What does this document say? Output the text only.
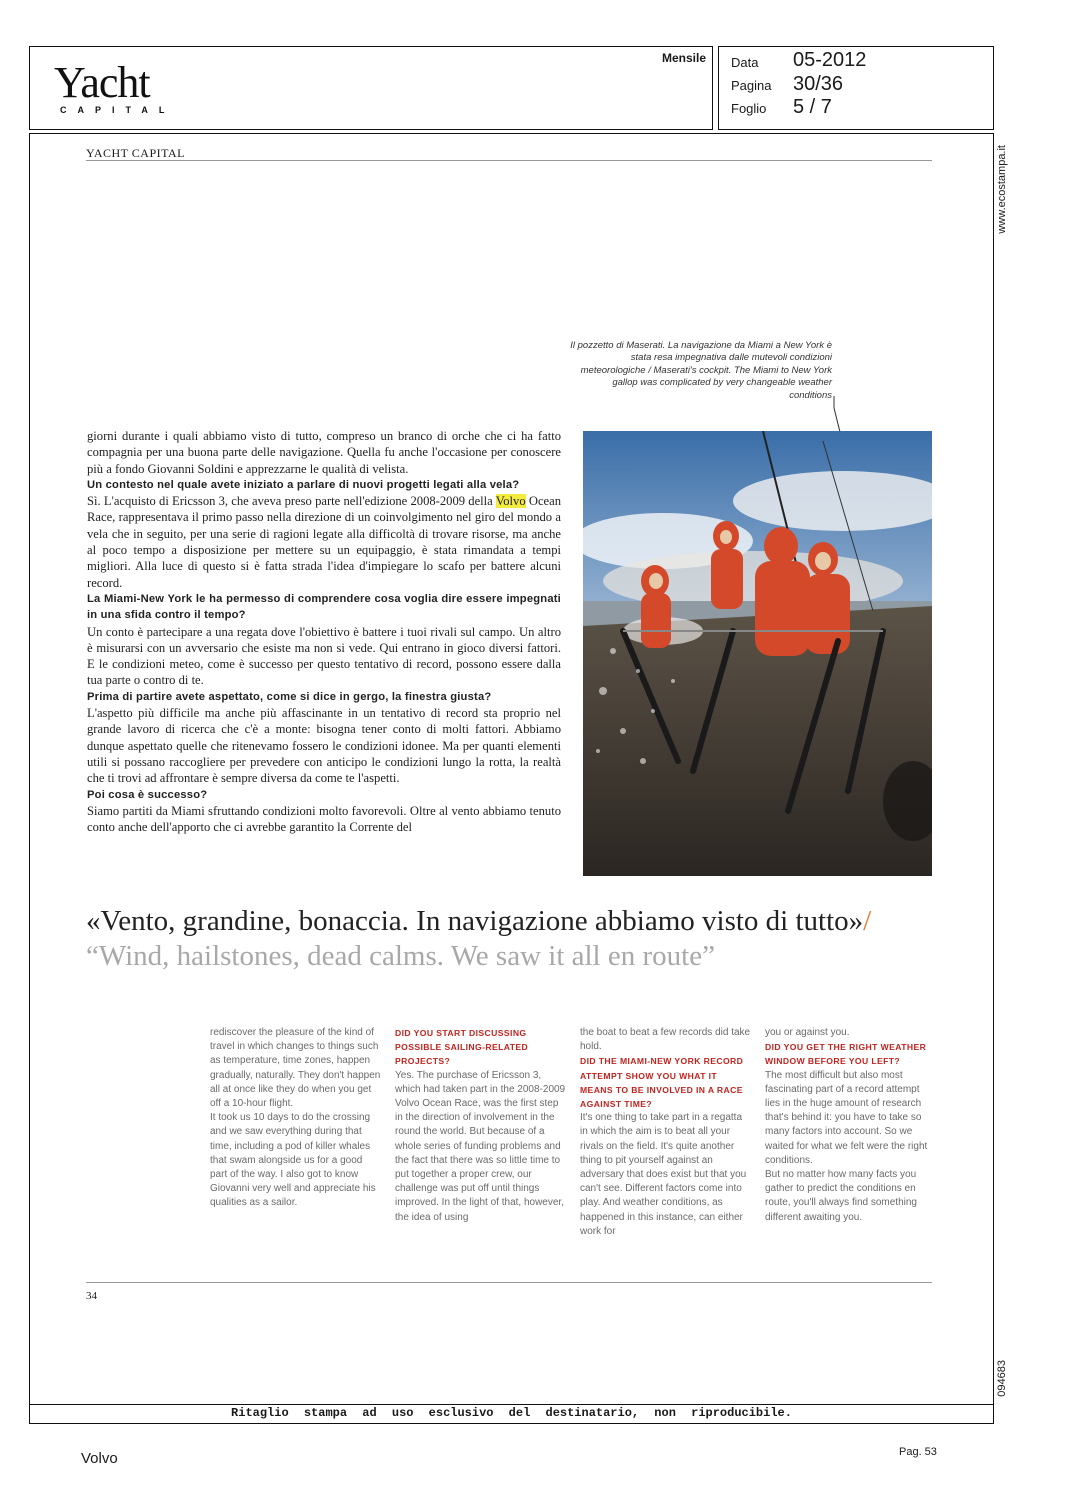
Yacht
CAPITAL
Mensile Data 05-2012
Pagina 30/36
Foglio 5 / 7
www.ecostampa.it
094683
YACHT CAPITAL
Il pozzetto di Maserati. La navigazione da Miami a New York è stata resa impegnativa dalle mutevoli condizioni meteorologiche / Maserati's cockpit. The Miami to New York gallop was complicated by very changeable weather conditions

giorni durante i quali abbiamo visto di tutto, compreso un branco di orche che ci ha fatto compagnia per una buona parte delle navigazione. Quella fu anche l'occasione per conoscere più a fondo Giovanni Soldini e apprezzarne le qualità di velista.

Un contesto nel quale avete iniziato a parlare di nuovi progetti legati alla vela?

Sì. L'acquisto di Ericsson 3, che aveva preso parte nell'edizione 2008-2009 della Volvo Ocean Race, rappresentava il primo passo nella direzione di un coinvolgimento nel giro del mondo a vela che in seguito, per una serie di ragioni legate alla difficoltà di trovare risorse, ma anche al poco tempo a disposizione per mettere su un equipaggio, è stata rimandata a tempi migliori. Alla luce di questo si è fatta strada l'idea d'impiegare lo scafo per battere alcuni record.

La Miami-New York le ha permesso di comprendere cosa voglia dire essere impegnati in una sfida contro il tempo?

Un conto è partecipare a una regata dove l'obiettivo è battere i tuoi rivali sul campo. Un altro è misurarsi con un avversario che esiste ma non si vede. Qui entrano in gioco diversi fattori. E le condizioni meteo, come è successo per questo tentativo di record, possono essere dalla tua parte o contro di te.

Prima di partire avete aspettato, come si dice in gergo, la finestra giusta?

L'aspetto più difficile ma anche più affascinante in un tentativo di record sta proprio nel grande lavoro di ricerca che c'è a monte: bisogna tener conto di molti fattori. Abbiamo dunque aspettato quelle che ritenevamo fossero le condizioni idonee. Ma per quanti elementi utili si possano raccogliere per prevedere con anticipo le condizioni lungo la rotta, la realtà che ti trovi ad affrontare è sempre diversa da come te l'aspetti.

Poi cosa è successo?

Siamo partiti da Miami sfruttando condizioni molto favorevoli. Oltre al vento abbiamo tenuto conto anche dell'apporto che ci avrebbe garantito la Corrente del

«Vento, grandine, bonaccia. In navigazione abbiamo visto di tutto»/
“Wind, hailstones, dead calms. We saw it all en route”

rediscover the pleasure of the kind of travel in which changes to things such as temperature, time zones, happen gradually, naturally. They don't happen all at once like they do when you get off a 10-hour flight.

It took us 10 days to do the crossing and we saw everything during that time, including a pod of killer whales that swam alongside us for a good part of the way. I also got to know Giovanni very well and appreciate his qualities as a sailor.

DID YOU START DISCUSSING POSSIBLE SAILING-RELATED PROJECTS?

Yes. The purchase of Ericsson 3, which had taken part in the 2008-2009 Volvo Ocean Race, was the first step in the direction of involvement in the round the world. But because of a whole series of funding problems and the fact that there was so little time to put together a proper crew, our challenge was put off until things improved. In the light of that, however, the idea of using

the boat to beat a few records did take hold.

DID THE MIAMI-NEW YORK RECORD ATTEMPT SHOW YOU WHAT IT MEANS TO BE INVOLVED IN A RACE AGAINST TIME?

It's one thing to take part in a regatta in which the aim is to beat all your rivals on the field. It's quite another thing to pit yourself against an adversary that does exist but that you can't see. Different factors come into play. And weather conditions, as happened in this instance, can either work for

you or against you.

DID YOU GET THE RIGHT WEATHER WINDOW BEFORE YOU LEFT?

The most difficult but also most fascinating part of a record attempt lies in the huge amount of research that's behind it: you have to take so many factors into account. So we waited for what we felt were the right conditions.

But no matter how many facts you gather to predict the conditions en route, you'll always find something different awaiting you.

34
Ritaglio stampa ad uso esclusivo del destinatario, non riproducibile.
Volvo	Pag. 53
